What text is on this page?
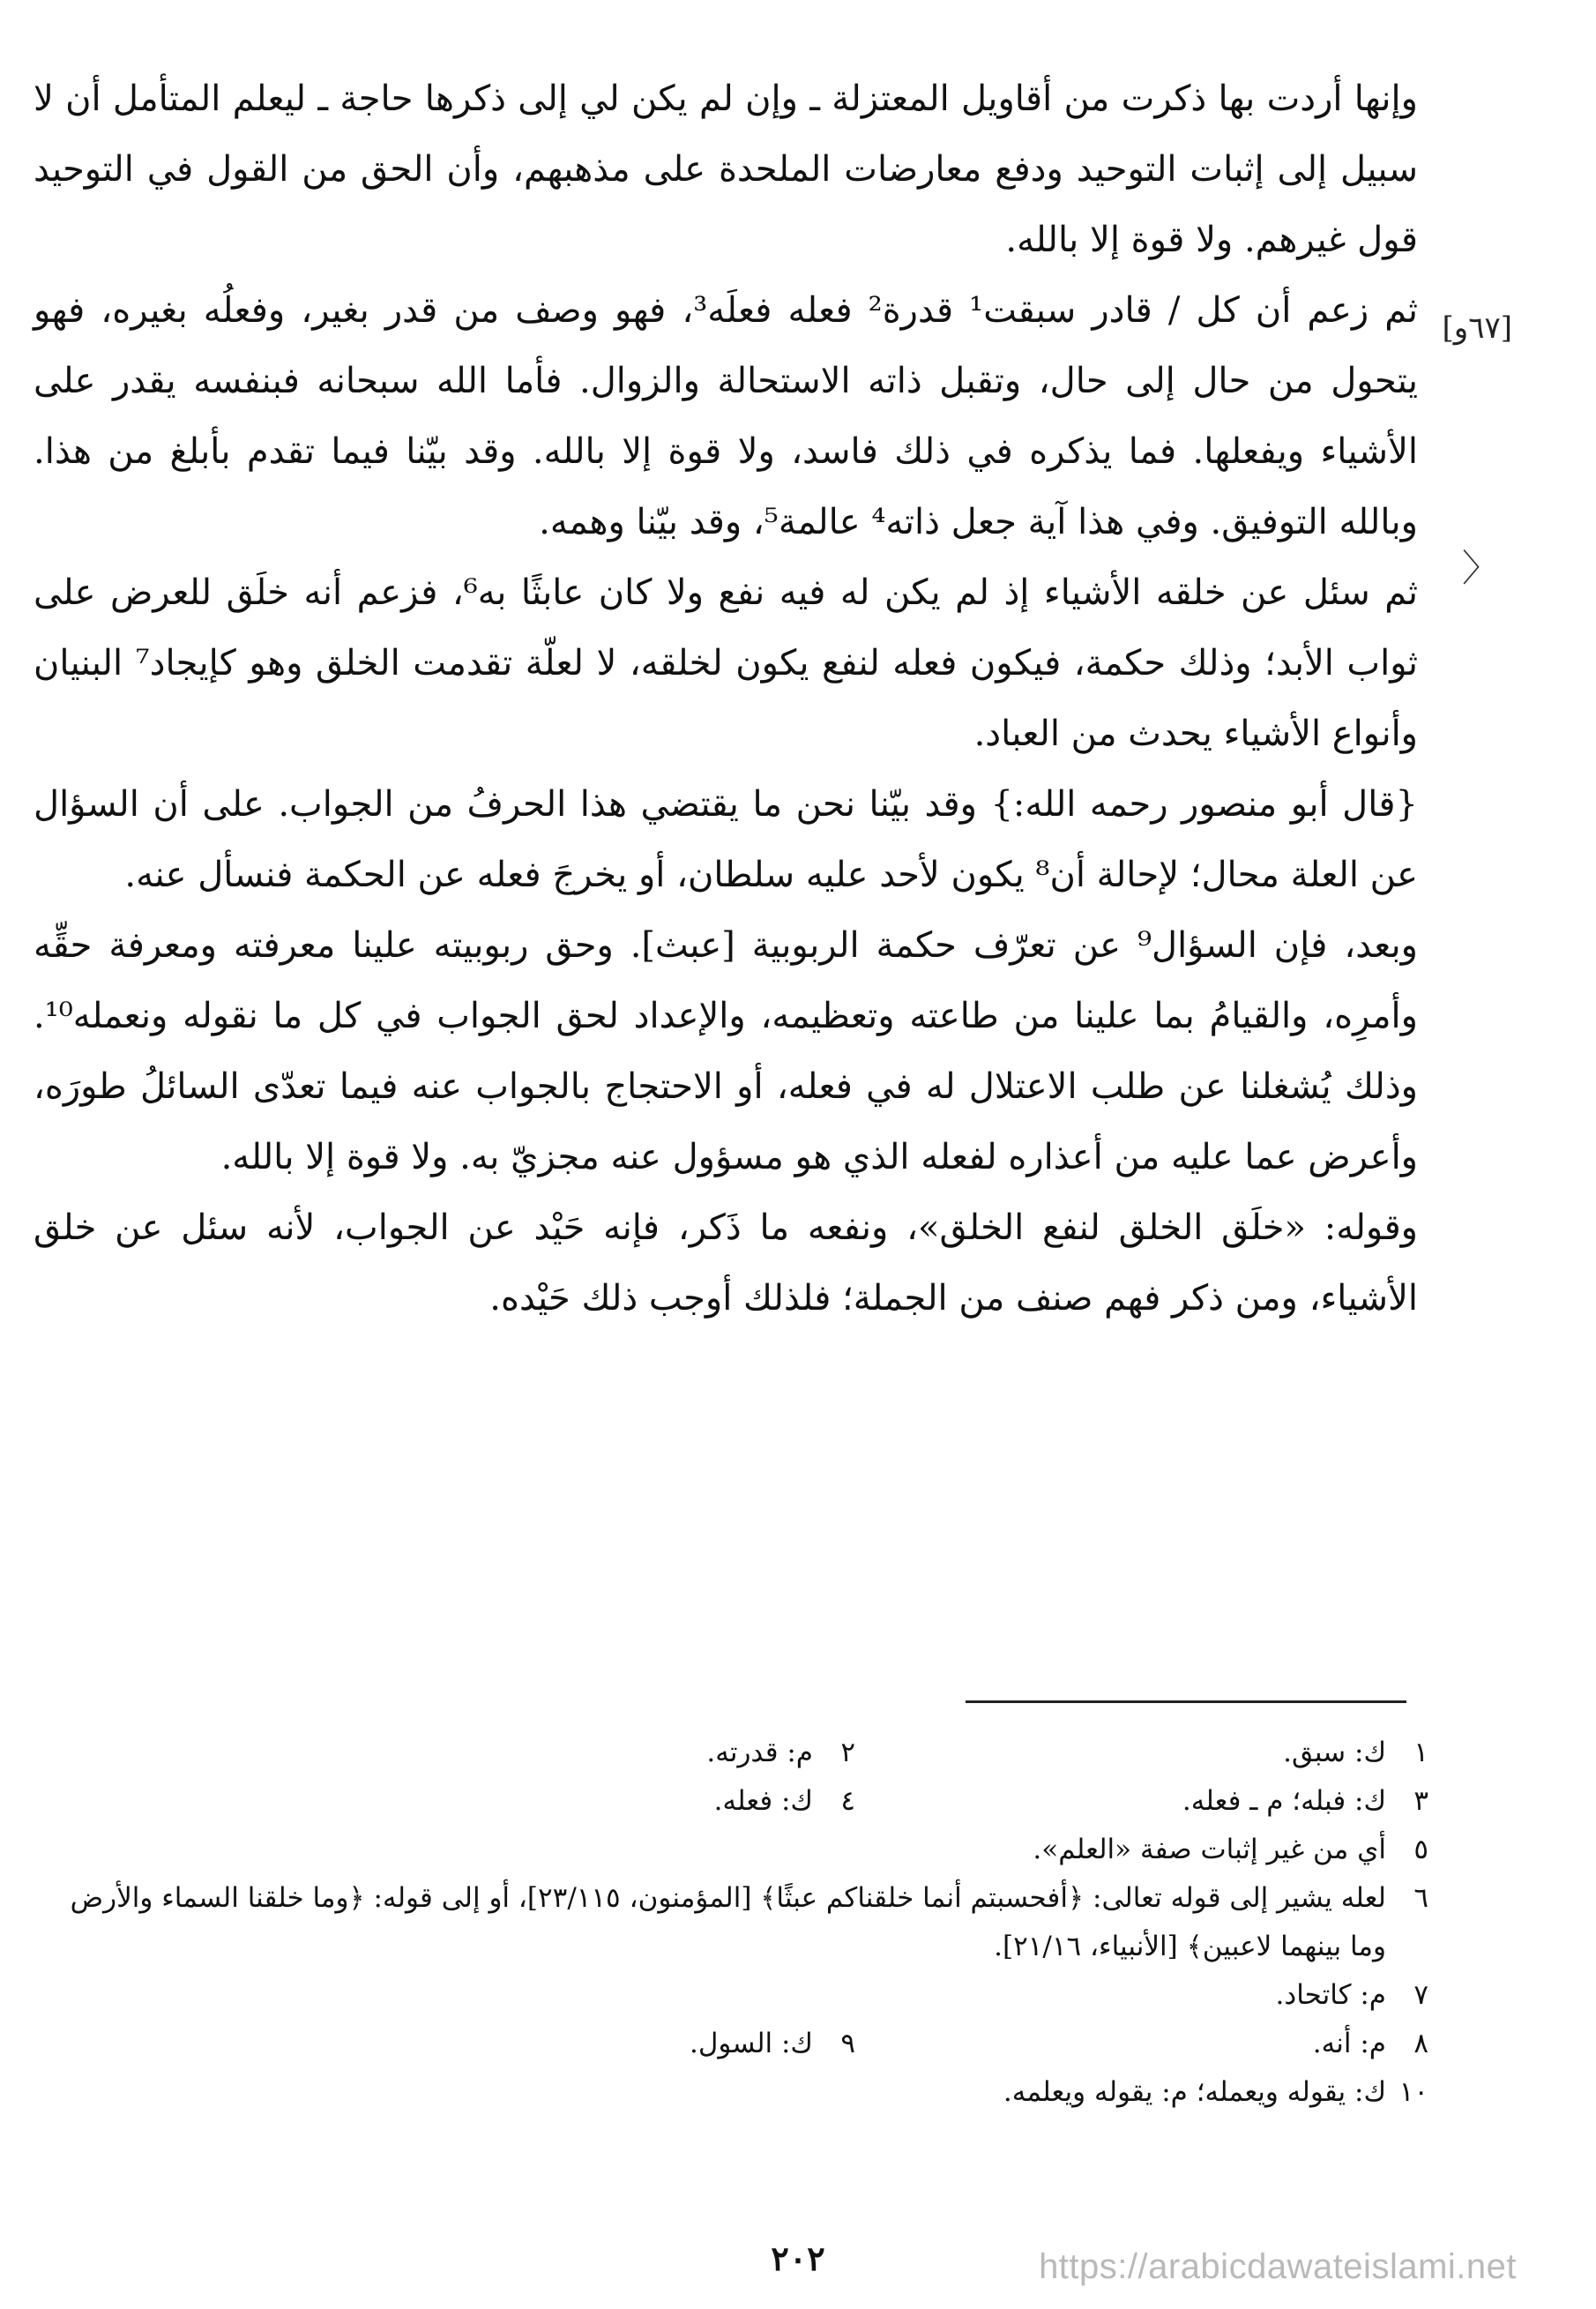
وإنها أردت بها ذكرت من أقاويل المعتزلة ـ وإن لم يكن لي إلى ذكرها حاجة ـ ليعلم المتأمل أن لا سبيل إلى إثبات التوحيد ودفع معارضات الملحدة على مذهبهم، وأن الحق من القول في التوحيد قول غيرهم. ولا قوة إلا بالله.

ثم زعم أن كل / قادر سبقت¹ قدرة² فعله فعلَه³، فهو وصف من قدر بغير، وفعلُه بغيره، فهو يتحول من حال إلى حال، وتقبل ذاته الاستحالة والزوال. فأما الله سبحانه فبنفسه يقدر على الأشياء ويفعلها. فما يذكره في ذلك فاسد، ولا قوة إلا بالله. وقد بيّنا فيما تقدم بأبلغ من هذا. وبالله التوفيق. وفي هذا آية جعل ذاته⁴ عالمة⁵، وقد بيّنا وهمه.

ثم سئل عن خلقه الأشياء إذ لم يكن له فيه نفع ولا كان عابثًا به⁶، فزعم أنه خلَق للعرض على ثواب الأبد؛ وذلك حكمة، فيكون فعله لنفع يكون لخلقه، لا لعلّة تقدمت الخلق وهو كإيجاد⁷ البنيان وأنواع الأشياء يحدث من العباد.

{قال أبو منصور رحمه الله:} وقد بيّنا نحن ما يقتضي هذا الحرفُ من الجواب. على أن السؤال عن العلة محال؛ لإحالة أن⁸ يكون لأحد عليه سلطان، أو يخرجَ فعله عن الحكمة فنسأل عنه.

وبعد، فإن السؤال⁹ عن تعرّف حكمة الربوبية [عبث]. وحق ربوبيته علينا معرفته ومعرفة حقِّه وأمرِه، والقيامُ بما علينا من طاعته وتعظيمه، والإعداد لحق الجواب في كل ما نقوله ونعمله¹⁰. وذلك يُشغلنا عن طلب الاعتلال له في فعله، أو الاحتجاج بالجواب عنه فيما تعدّى السائلُ طورَه، وأعرض عما عليه من أعذاره لفعله الذي هو مسؤول عنه مجزيّ به. ولا قوة إلا بالله.

وقوله: «خلَق الخلق لنفع الخلق»، ونفعه ما ذَكر، فإنه حَيْد عن الجواب، لأنه سئل عن خلق الأشياء، ومن ذكر فهم صنف من الجملة؛ فلذلك أوجب ذلك حَيْده.

[٦٧و]
〉
١
ك: سبق.
٢
م: قدرته.
٣
ك: فبله؛ م ـ فعله.
٤
ك: فعله.
٥
أي من غير إثبات صفة «العلم».
٦
لعله يشير إلى قوله تعالى: ﴿أفحسبتم أنما خلقناكم عبثًا﴾ [المؤمنون، ٢٣/١١٥]، أو إلى قوله: ﴿وما خلقنا السماء والأرض وما بينهما لاعبين﴾ [الأنبياء، ٢١/١٦].
٧
م: كاتحاد.
٨
م: أنه.
٩
ك: السول.
١٠
ك: يقوله ويعمله؛ م: يقوله ويعلمه.
٢٠٢	https://arabicdawateislami.net
